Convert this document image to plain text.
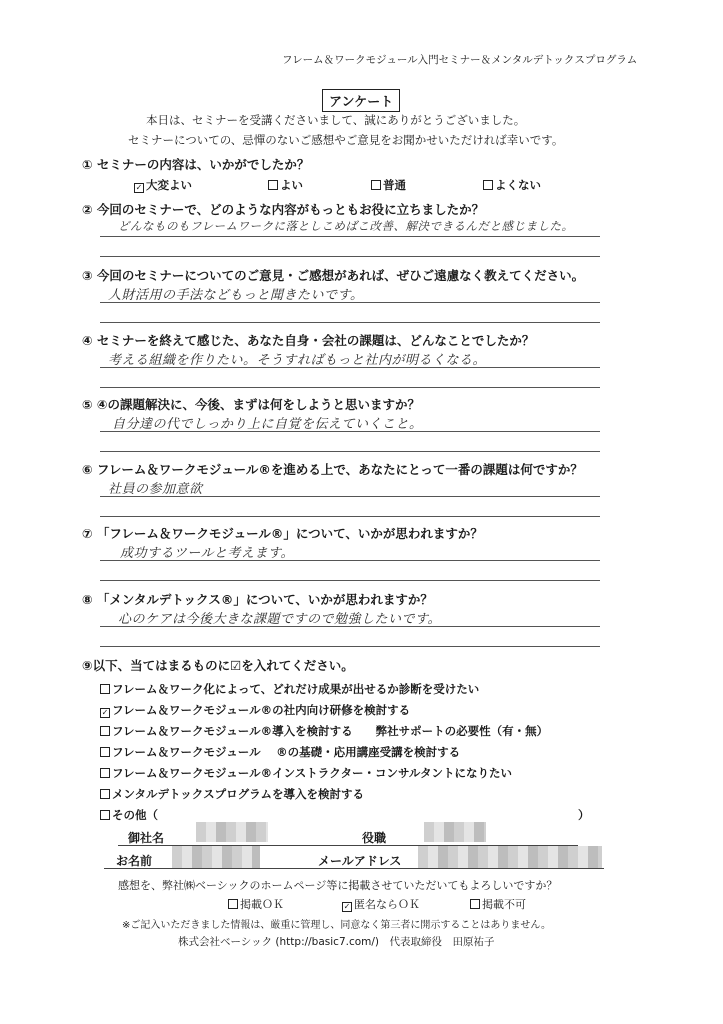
フレーム＆ワークモジュール入門セミナー＆メンタルデトックスプログラム
アンケート
本日は、セミナーを受講くださいまして、誠にありがとうございました。
セミナーについての、忌憚のないご感想やご意見をお聞かせいただければ幸いです。
① セミナーの内容は、いかがでしたか？
✓ 大変よい	よい	普通	よくない
② 今回のセミナーで、どのような内容がもっともお役に立ちましたか？
どんなものもフレームワークに落としこめばこ改善、解決できるんだと感じました。
③ 今回のセミナーについてのご意見・ご感想があれば、ぜひご遠慮なく教えてください。
人財活用の手法などもっと聞きたいです。
④ セミナーを終えて感じた、あなた自身・会社の課題は、どんなことでしたか？
考える組織を作りたい。そうすればもっと社内が明るくなる。
⑤ ④の課題解決に、今後、まずは何をしようと思いますか？
自分達の代でしっかり上に自覚を伝えていくこと。
⑥ フレーム＆ワークモジュール®を進める上で、あなたにとって一番の課題は何ですか？
社員の参加意欲
⑦ 「フレーム＆ワークモジュール®」について、いかが思われますか？
成功するツールと考えます。
⑧ 「メンタルデトックス®」について、いかが思われますか？
心のケアは今後大きな課題ですので勉強したいです。
⑨以下、当てはまるものに☑を入れてください。
フレーム＆ワーク化によって、どれだけ成果が出せるか診断を受けたい
✓ フレーム＆ワークモジュール®の社内向け研修を検討する
フレーム＆ワークモジュール®導入を検討する　　弊社サポートの必要性（有・無）
フレーム＆ワークモジュール　 ®の基礎・応用講座受講を検討する
フレーム＆ワークモジュール®インストラクター・コンサルタントになりたい
メンタルデトックスプログラムを導入を検討する
その他（	）
御社名	役職
お名前	メールアドレス
感想を、弊社㈱ベーシックのホームページ等に掲載させていただいてもよろしいですか？
掲載ＯＫ	✓ 匿名ならＯＫ	掲載不可
※ご記入いただきました情報は、厳重に管理し、同意なく第三者に開示することはありません。
株式会社ベーシック (http://basic7.com/)　代表取締役　田原祐子
